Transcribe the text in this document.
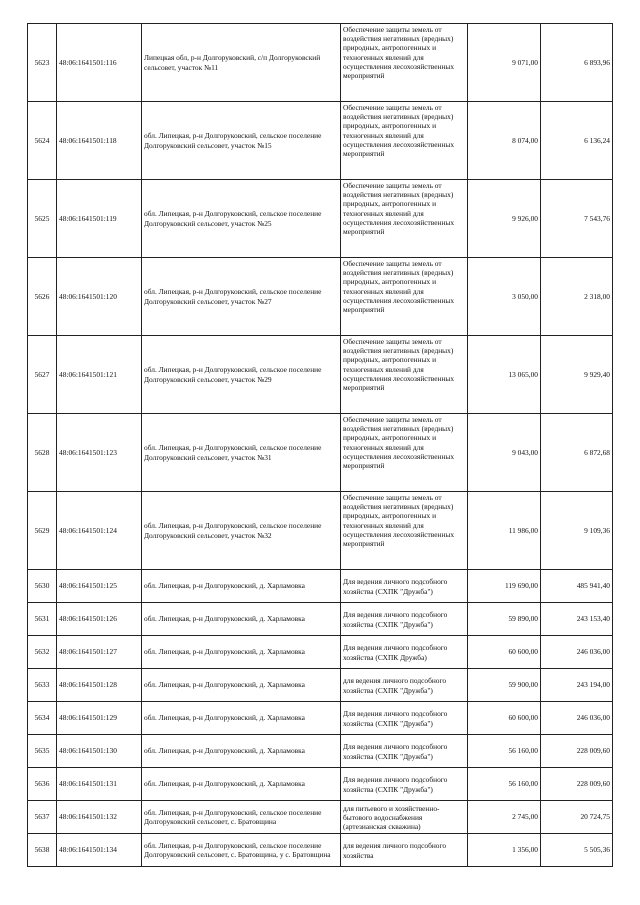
5623	48:06:1641501:116	Липецкая обл, р-н Долгоруковский, с/п Долгоруковский сельсовет, участок №11	Обеспечение защиты земель от воздействия негативных (вредных) природных, антропогенных и техногенных явлений для осуществления лесохозяйственных мероприятий	9 071,00	6 893,96
5624	48:06:1641501:118	обл. Липецкая, р-н Долгоруковский, сельское поселение Долгоруковский сельсовет, участок №15	Обеспечение защиты земель от воздействия негативных (вредных) природных, антропогенных и техногенных явлений для осуществления лесохозяйственных мероприятий	8 074,00	6 136,24
5625	48:06:1641501:119	обл. Липецкая, р-н Долгоруковский, сельское поселение Долгоруковский сельсовет, участок №25	Обеспечение защиты земель от воздействия негативных (вредных) природных, антропогенных и техногенных явлений для осуществления лесохозяйственных мероприятий	9 926,00	7 543,76
5626	48:06:1641501:120	обл. Липецкая, р-н Долгоруковский, сельское поселение Долгоруковский сельсовет, участок №27	Обеспечение защиты земель от воздействия негативных (вредных) природных, антропогенных и техногенных явлений для осуществления лесохозяйственных мероприятий	3 050,00	2 318,00
5627	48:06:1641501:121	обл. Липецкая, р-н Долгоруковский, сельское поселение Долгоруковский сельсовет, участок №29	Обеспечение защиты земель от воздействия негативных (вредных) природных, антропогенных и техногенных явлений для осуществления лесохозяйственных мероприятий	13 065,00	9 929,40
5628	48:06:1641501:123	обл. Липецкая, р-н Долгоруковский, сельское поселение Долгоруковский сельсовет, участок №31	Обеспечение защиты земель от воздействия негативных (вредных) природных, антропогенных и техногенных явлений для осуществления лесохозяйственных мероприятий	9 043,00	6 872,68
5629	48:06:1641501:124	обл. Липецкая, р-н Долгоруковский, сельское поселение Долгоруковский сельсовет, участок №32	Обеспечение защиты земель от воздействия негативных (вредных) природных, антропогенных и техногенных явлений для осуществления лесохозяйственных мероприятий	11 986,00	9 109,36
5630	48:06:1641501:125	обл. Липецкая, р-н Долгоруковский, д. Харламовка	Для ведения личного подсобного хозяйства (СХПК "Дружба")	119 690,00	485 941,40
5631	48:06:1641501:126	обл. Липецкая, р-н Долгоруковский, д. Харламовка	Для ведения личного подсобного хозяйства (СХПК "Дружба")	59 890,00	243 153,40
5632	48:06:1641501:127	обл. Липецкая, р-н Долгоруковский, д. Харламовка	Для ведения личного подсобного хозяйства (СХПК Дружба)	60 600,00	246 036,00
5633	48:06:1641501:128	обл. Липецкая, р-н Долгоруковский, д. Харламовка	для ведения личного подсобного хозяйства (СХПК "Дружба")	59 900,00	243 194,00
5634	48:06:1641501:129	обл. Липецкая, р-н Долгоруковский, д. Харламовка	Для ведения личного подсобного хозяйства (СХПК "Дружба")	60 600,00	246 036,00
5635	48:06:1641501:130	обл. Липецкая, р-н Долгоруковский, д. Харламовка	Для ведения личного подсобного хозяйства (СХПК "Дружба")	56 160,00	228 009,60
5636	48:06:1641501:131	обл. Липецкая, р-н Долгоруковский, д. Харламовка	Для ведения личного подсобного хозяйства (СХПК "Дружба")	56 160,00	228 009,60
5637	48:06:1641501:132	обл. Липецкая, р-н Долгоруковский, сельское поселение Долгоруковский сельсовет, с. Братовщина	для питьевого и хозяйственно-бытового водоснабжения (артезианская скважина)	2 745,00	20 724,75
5638	48:06:1641501:134	обл. Липецкая, р-н Долгоруковский, сельское поселение Долгоруковский сельсовет, с. Братовщина, у с. Братовщина	для ведения личного подсобного хозяйства	1 356,00	5 505,36
